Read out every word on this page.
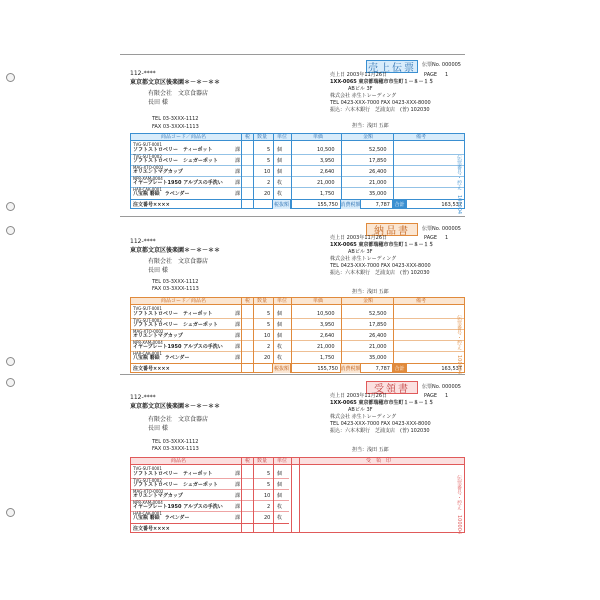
112-****
東京都文京区後楽園＊－＊－＊＊
有限会社　文京食器店
長田 様
TEL 03-3XXX-1112
FAX 03-3XXX-1113
売上伝票	伝票No. 000005
売上日 2003年11月26日	PAGE 1
1XX-0065 東京都瑞穂市市生町１－８－１５
ABビル 3F
株式会社 赤生トレーディング
TEL 0423-XXX-7000 FAX 0423-XXX-8000
振込：六本木銀行　芝浦支店　(普) 102030
担当：浅田 五郎
商品コード／商品名	税 数量 単位	単価	金額	備考
TVG-SUT-0001
ソフトストロベリー　ティーポット	課	5 個	10,500	52,500
TVG-SUT-0002
ソフトストロベリー　シュガーポット	課	5 個	3,950	17,850
MAG-XTO-0002
オリエントマグカップ	課	10 個	2,640	26,400
NPR-XAM-0004
イヤープレート1950 アルプスの手洗い 課	2 枚	21,000	21,000
HAP-CAK-0001
八宝瓶 磐絵　ラベンダー	課	20 枚	1,750	35,000
注文番号××××	税抜額	155,750 消費税額	7,787 合計	163,537
伝票番号・控え　100004
112-****
東京都文京区後楽園＊－＊－＊＊
有限会社　文京食器店
長田 様
TEL 03-3XXX-1112
FAX 03-3XXX-1113
納品書	伝票No. 000005
売上日 2003年11月26日	PAGE 1
1XX-0065 東京都瑞穂市市生町１－８－１５
ABビル 3F
株式会社 赤生トレーディング
TEL 0423-XXX-7000 FAX 0423-XXX-8000
振込：六本木銀行　芝浦支店　(普) 102030
担当：浅田 五郎
商品コード／商品名	税 数量 単位	単価	金額	備考
TVG-SUT-0001
ソフトストロベリー　ティーポット	課	5 個	10,500	52,500
TVG-SUT-0002
ソフトストロベリー　シュガーポット	課	5 個	3,950	17,850
MAG-XTO-0002
オリエントマグカップ	課	10 個	2,640	26,400
NPR-XAM-0004
イヤープレート1950 アルプスの手洗い 課	2 枚	21,000	21,000
HAP-CAK-0001
八宝瓶 磐絵　ラベンダー	課	20 枚	1,750	35,000
注文番号××××	税抜額	155,750 消費税額	7,787 合計	163,537
伝票番号・控え　100004
112-****
東京都文京区後楽園＊－＊－＊＊
有限会社　文京食器店
長田 様
TEL 03-3XXX-1112
FAX 03-3XXX-1113
受領書	伝票No. 000005
売上日 2003年11月26日	PAGE 1
1XX-0065 東京都瑞穂市市生町１－８－１５
ABビル 3F
株式会社 赤生トレーディング
TEL 0423-XXX-7000 FAX 0423-XXX-8000
振込：六本木銀行　芝浦支店　(普) 102030
担当：浅田 五郎
商品名	税 数量 単位	受　領　印
TVG-SUT-0001
ソフトストロベリー　ティーポット	課	5 個
TVG-SUT-0002
ソフトストロベリー　シュガーポット	課	5 個
MAG-XTO-0002
オリエントマグカップ	課	10 個
NPR-XAM-0004
イヤープレート1950 アルプスの手洗い 課	2 枚
HAP-CAK-0001
八宝瓶 磐絵　ラベンダー	課	20 枚
注文番号××××	伝票番号・控え　100004
